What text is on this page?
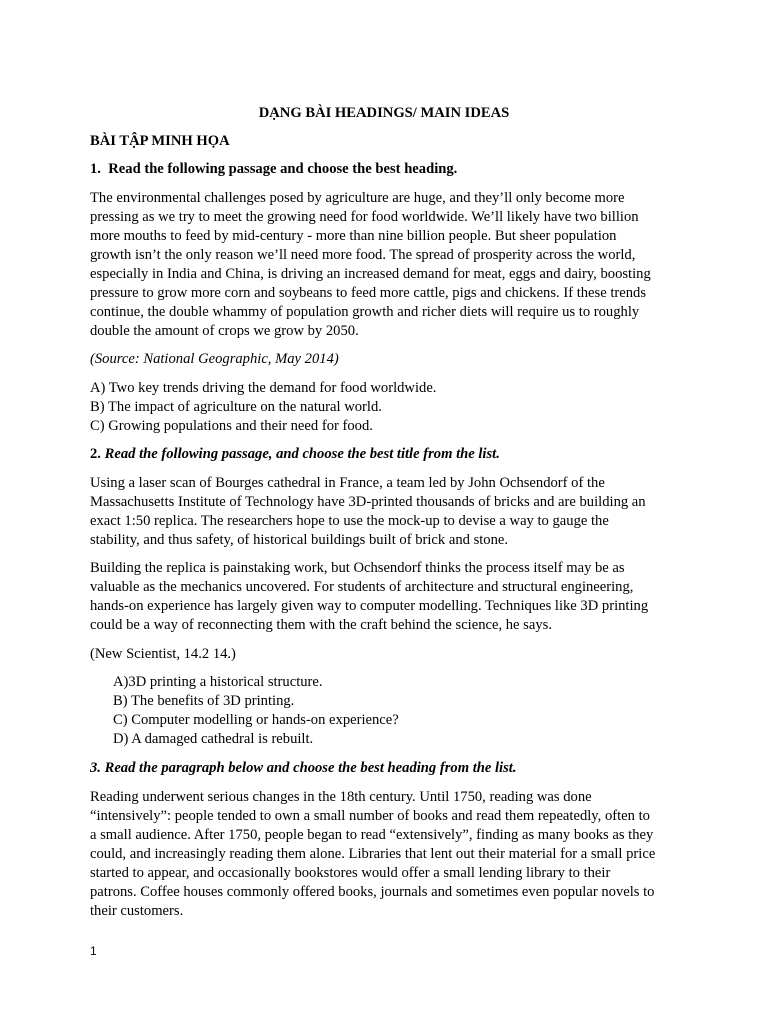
DẠNG BÀI HEADINGS/ MAIN IDEAS
BÀI TẬP MINH HỌA
1. Read the following passage and choose the best heading.
The environmental challenges posed by agriculture are huge, and they’ll only become more
pressing as we try to meet the growing need for food worldwide. We’ll likely have two billion
more mouths to feed by mid-century - more than nine billion people. But sheer population
growth isn’t the only reason we’ll need more food. The spread of prosperity across the world,
especially in India and China, is driving an increased demand for meat, eggs and dairy, boosting
pressure to grow more corn and soybeans to feed more cattle, pigs and chickens. If these trends
continue, the double whammy of population growth and richer diets will require us to roughly
double the amount of crops we grow by 2050.
(Source: National Geographic, May 2014)
A) Two key trends driving the demand for food worldwide.
B) The impact of agriculture on the natural world.
C) Growing populations and their need for food.
2. Read the following passage, and choose the best title from the list.
Using a laser scan of Bourges cathedral in France, a team led by John Ochsendorf of the
Massachusetts Institute of Technology have 3D-printed thousands of bricks and are building an
exact 1:50 replica. The researchers hope to use the mock-up to devise a way to gauge the
stability, and thus safety, of historical buildings built of brick and stone.
Building the replica is painstaking work, but Ochsendorf thinks the process itself may be as
valuable as the mechanics uncovered. For students of architecture and structural engineering,
hands-on experience has largely given way to computer modelling. Techniques like 3D printing
could be a way of reconnecting them with the craft behind the science, he says.
(New Scientist, 14.2 14.)
A)3D printing a historical structure.
B) The benefits of 3D printing.
C) Computer modelling or hands-on experience?
D) A damaged cathedral is rebuilt.
3. Read the paragraph below and choose the best heading from the list.
Reading underwent serious changes in the 18th century. Until 1750, reading was done
“intensively”: people tended to own a small number of books and read them repeatedly, often to
a small audience. After 1750, people began to read “extensively”, finding as many books as they
could, and increasingly reading them alone. Libraries that lent out their material for a small price
started to appear, and occasionally bookstores would offer a small lending library to their
patrons. Coffee houses commonly offered books, journals and sometimes even popular novels to
their customers.
1
